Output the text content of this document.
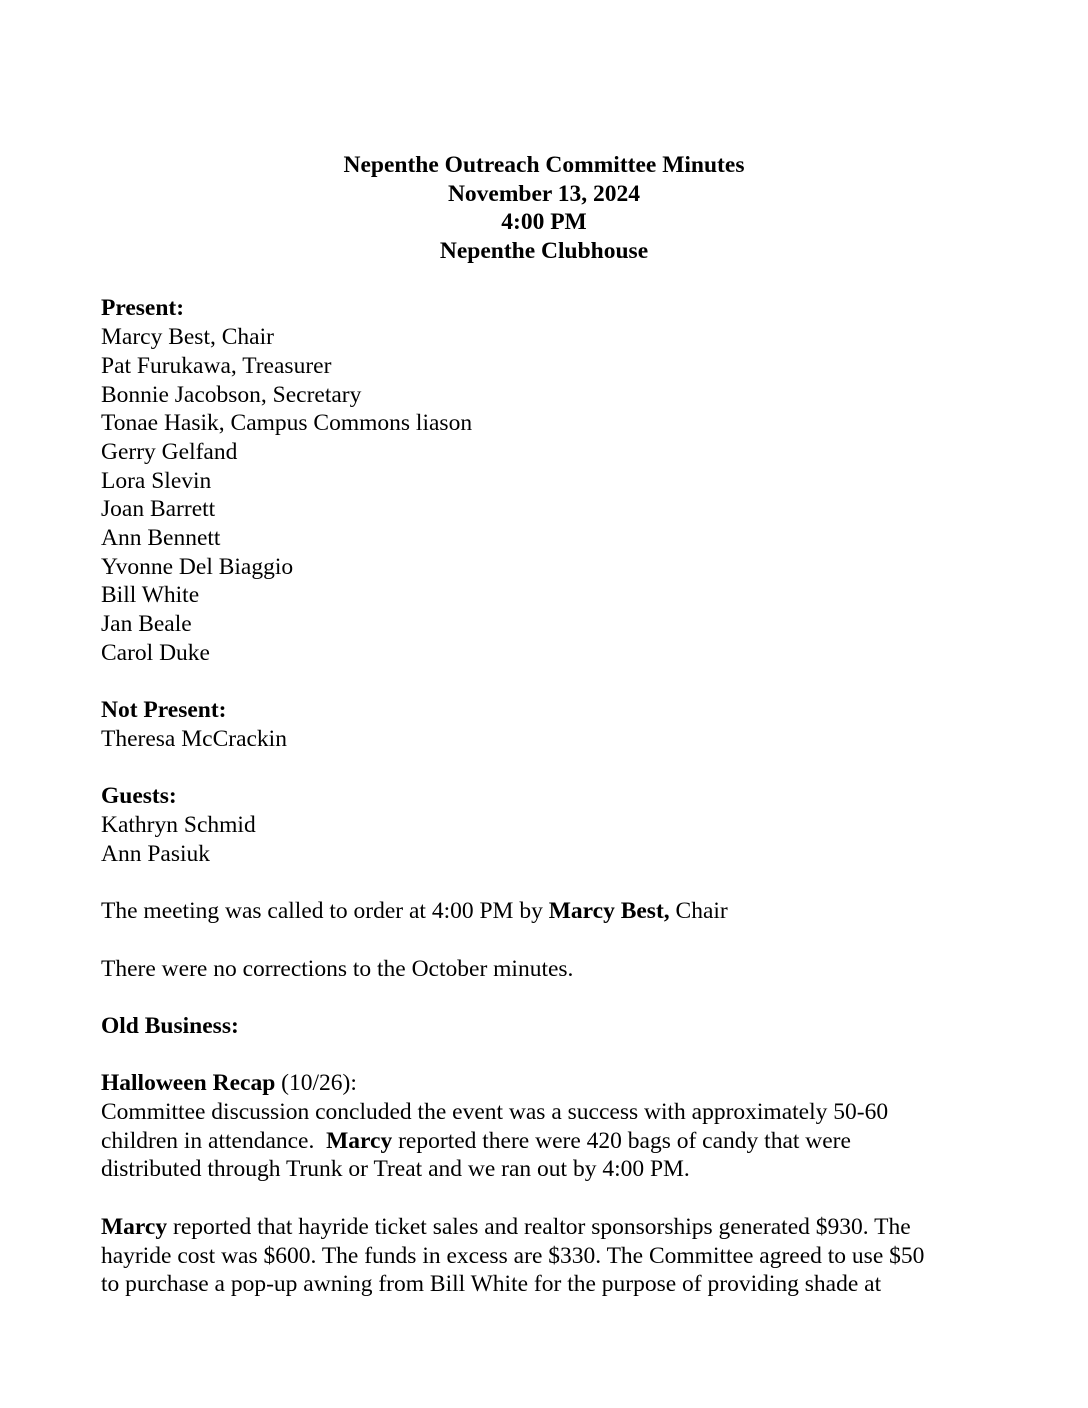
Nepenthe Outreach Committee Minutes
November 13, 2024
4:00 PM
Nepenthe Clubhouse
Present:
Marcy Best, Chair
Pat Furukawa, Treasurer
Bonnie Jacobson, Secretary
Tonae Hasik, Campus Commons liason
Gerry Gelfand
Lora Slevin
Joan Barrett
Ann Bennett
Yvonne Del Biaggio
Bill White
Jan Beale
Carol Duke
Not Present:
Theresa McCrackin
Guests:
Kathryn Schmid
Ann Pasiuk
The meeting was called to order at 4:00 PM by Marcy Best, Chair
There were no corrections to the October minutes.
Old Business:
Halloween Recap (10/26):
Committee discussion concluded the event was a success with approximately 50-60
children in attendance.  Marcy reported there were 420 bags of candy that were
distributed through Trunk or Treat and we ran out by 4:00 PM.
Marcy reported that hayride ticket sales and realtor sponsorships generated $930. The
hayride cost was $600. The funds in excess are $330. The Committee agreed to use $50
to purchase a pop-up awning from Bill White for the purpose of providing shade at
